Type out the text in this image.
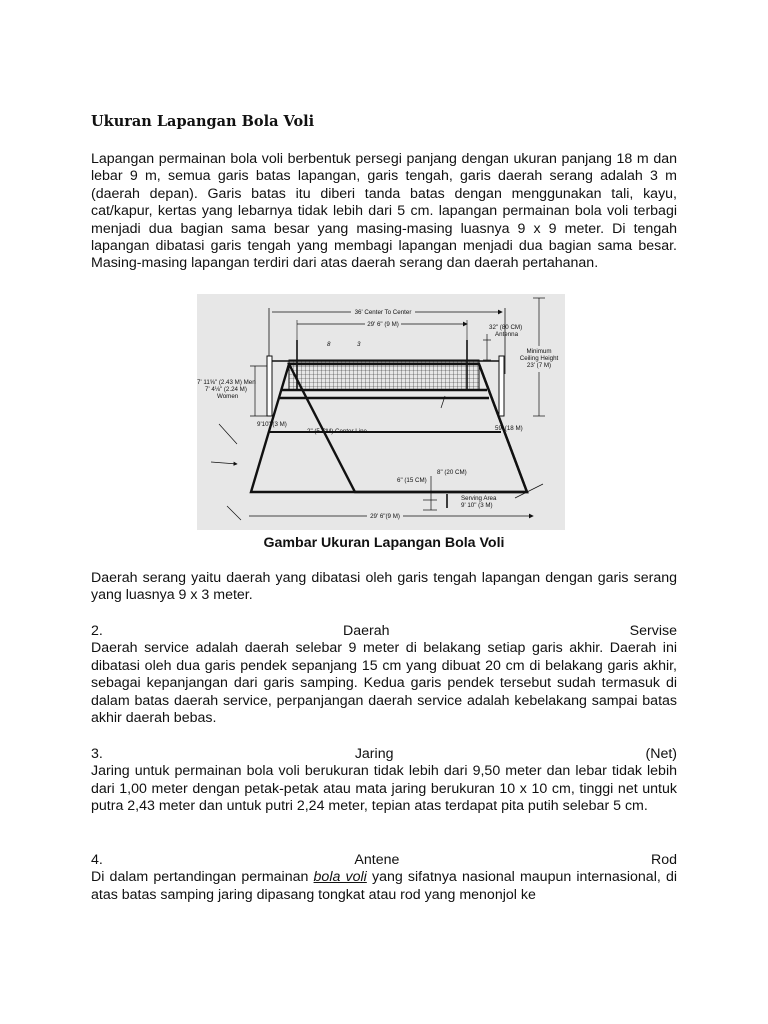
Ukuran Lapangan Bola Voli

Lapangan permainan bola voli berbentuk persegi panjang dengan ukuran panjang 18 m dan lebar 9 m, semua garis batas lapangan, garis tengah, garis daerah serang adalah 3 m (daerah depan). Garis batas itu diberi tanda batas dengan menggunakan tali, kayu, cat/kapur, kertas yang lebarnya tidak lebih dari 5 cm. lapangan permainan bola voli terbagi menjadi dua bagian sama besar yang masing-masing luasnya 9 x 9 meter. Di tengah lapangan dibatasi garis tengah yang membagi lapangan menjadi dua bagian sama besar. Masing-masing lapangan terdiri dari atas daerah serang dan daerah pertahanan.

36' Center To Center
29' 6" (9 M)
8	3
32" (80 CM)
Antenna
Minimum
Ceiling Height
23' (7 M)
7' 11⅝" (2.43 M) Men
7' 4⅛" (2.24 M)
Women
9'10" (3 M)
2" (5 CM) Center Line	59' (18 M)
8" (20 CM)
6" (15 CM)
Serving Area
9' 10" (3 M)
29' 6"(9 M)
Gambar Ukuran Lapangan Bola Voli

Daerah serang yaitu daerah yang dibatasi oleh garis tengah lapangan dengan garis serang yang luasnya 9 x 3 meter.

2.	Daerah	Servise

Daerah service adalah daerah selebar 9 meter di belakang setiap garis akhir. Daerah ini dibatasi oleh dua garis pendek sepanjang 15 cm yang dibuat 20 cm di belakang garis akhir, sebagai kepanjangan dari garis samping. Kedua garis pendek tersebut sudah termasuk di dalam batas daerah service, perpanjangan daerah service adalah kebelakang sampai batas akhir daerah bebas.

3.	Jaring	(Net)

Jaring untuk permainan bola voli berukuran tidak lebih dari 9,50 meter dan lebar tidak lebih dari 1,00 meter dengan petak-petak atau mata jaring berukuran 10 x 10 cm, tinggi net untuk putra 2,43 meter dan untuk putri 2,24 meter, tepian atas terdapat pita putih selebar 5 cm.

4.	Antene	Rod

Di dalam pertandingan permainan bola voli yang sifatnya nasional maupun internasional, di atas batas samping jaring dipasang tongkat atau rod yang menonjol ke
